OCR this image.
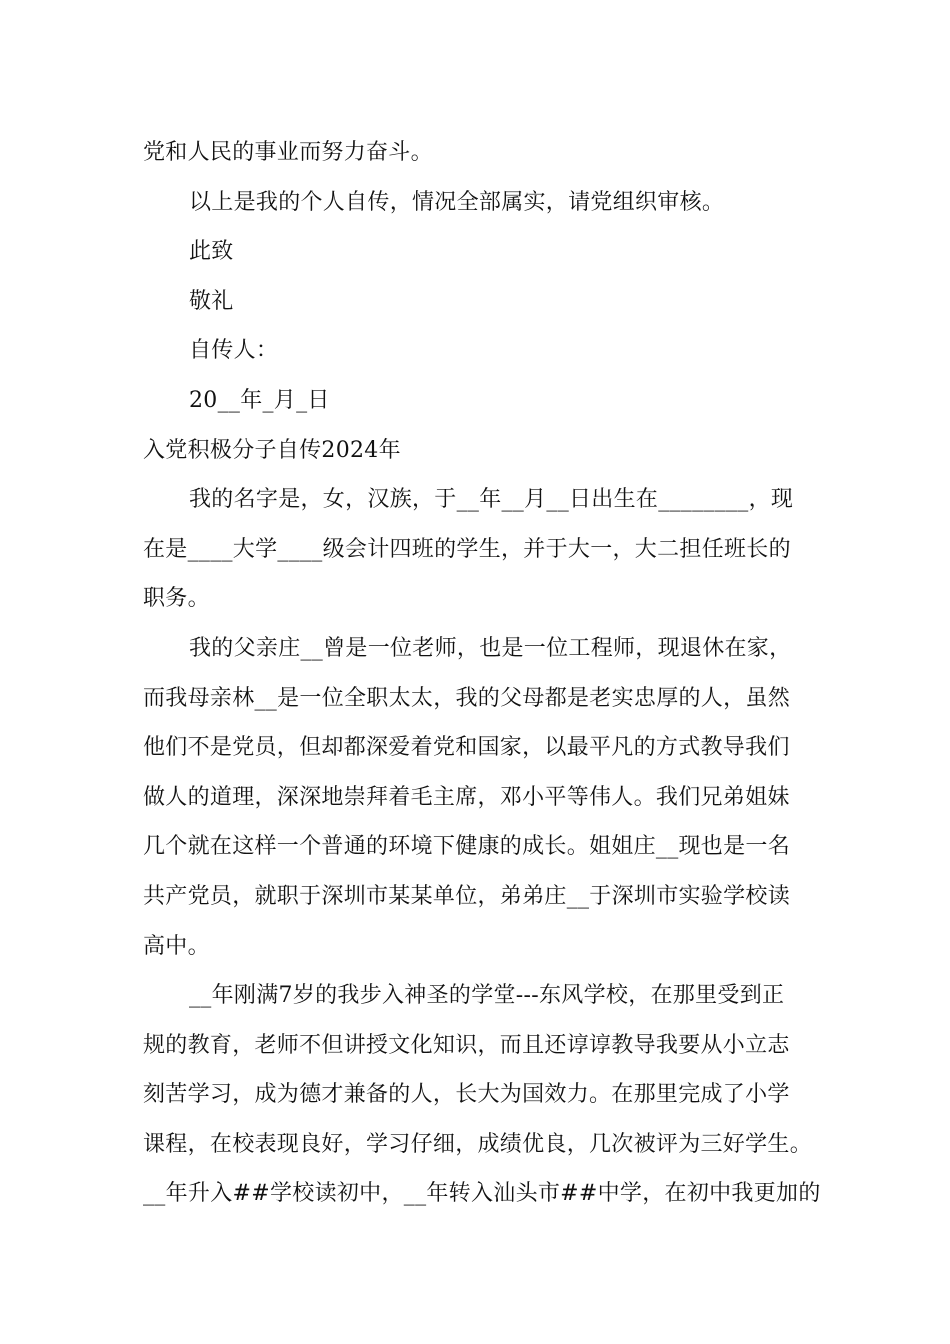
党和人民的事业而努力奋斗。
以上是我的个人自传，情况全部属实，请党组织审核。
此致
敬礼
自传人：
20__年_月_日
入党积极分子自传2024年
我的名字是，女，汉族，于__年__月__日出生在________，现
在是____大学____级会计四班的学生，并于大一，大二担任班长的
职务。
我的父亲庄__曾是一位老师，也是一位工程师，现退休在家，
而我母亲林__是一位全职太太，我的父母都是老实忠厚的人，虽然
他们不是党员，但却都深爱着党和国家，以最平凡的方式教导我们
做人的道理，深深地崇拜着毛主席，邓小平等伟人。我们兄弟姐妹
几个就在这样一个普通的环境下健康的成长。姐姐庄__现也是一名
共产党员，就职于深圳市某某单位，弟弟庄__于深圳市实验学校读
高中。
__年刚满7岁的我步入神圣的学堂---东风学校，在那里受到正
规的教育，老师不但讲授文化知识，而且还谆谆教导我要从小立志
刻苦学习，成为德才兼备的人，长大为国效力。在那里完成了小学
课程，在校表现良好，学习仔细，成绩优良，几次被评为三好学生。
__年升入##学校读初中，__年转入汕头市##中学，在初中我更加的
